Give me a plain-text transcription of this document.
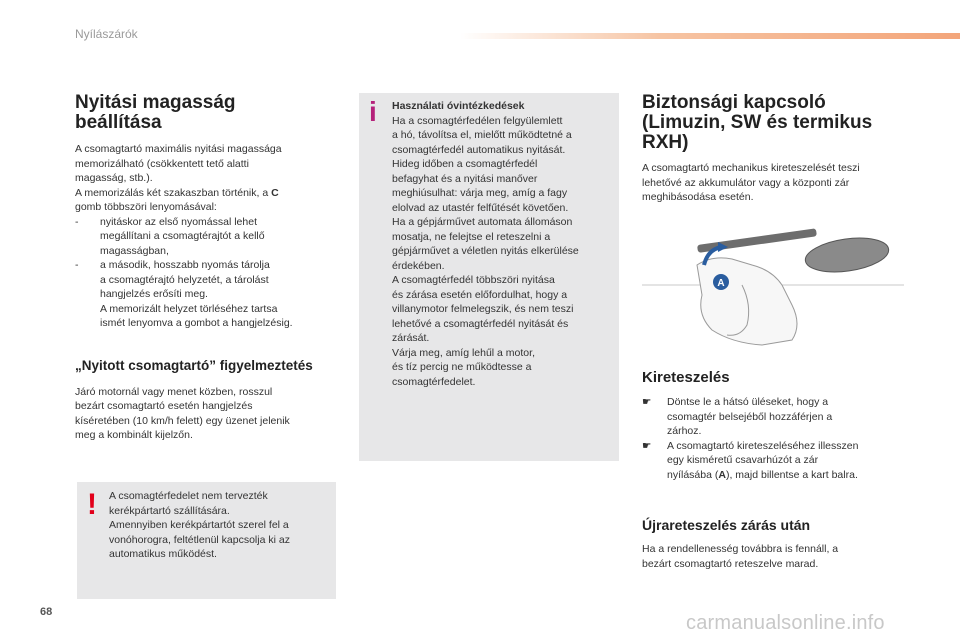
Nyílászárók
Nyitási magasság
beállítása
A csomagtartó maximális nyitási magassága
memorizálható (csökkentett tető alatti
magasság, stb.).
A memorizálás két szakaszban történik, a C
gomb többszöri lenyomásával:
-	nyitáskor az első nyomással lehet
megállítani a csomagtérajtót a kellő
magasságban,
-	a második, hosszabb nyomás tárolja
a csomagtérajtó helyzetét, a tárolást
hangjelzés erősíti meg.
A memorizált helyzet törléséhez tartsa
ismét lenyomva a gombot a hangjelzésig.
„Nyitott csomagtartó” figyelmeztetés
Járó motornál vagy menet közben, rosszul
bezárt csomagtartó esetén hangjelzés
kíséretében (10 km/h felett) egy üzenet jelenik
meg a kombinált kijelzőn.
! A csomagtérfedelet nem tervezték
kerékpártartó szállítására.
Amennyiben kerékpártartót szerel fel a
vonóhorogra, feltétlenül kapcsolja ki az
automatikus működést.
i Használati óvintézkedések
Ha a csomagtérfedélen felgyülemlett
a hó, távolítsa el, mielőtt működtetné a
csomagtérfedél automatikus nyitását.
Hideg időben a csomagtérfedél
befagyhat és a nyitási manőver
meghiúsulhat: várja meg, amíg a fagy
elolvad az utastér felfűtését követően.
Ha a gépjárművet automata állomáson
mosatja, ne felejtse el reteszelni a
gépjárművet a véletlen nyitás elkerülése
érdekében.
A csomagtérfedél többszöri nyitása
és zárása esetén előfordulhat, hogy a
villanymotor felmelegszik, és nem teszi
lehetővé a csomagtérfedél nyitását és
zárását.
Várja meg, amíg lehűl a motor,
és tíz percig ne működtesse a
csomagtérfedelet.
Biztonsági kapcsoló
(Limuzin, SW és termikus
RXH)
A csomagtartó mechanikus kireteszelését teszi
lehetővé az akkumulátor vagy a központi zár
meghibásodása esetén.
A
Kireteszelés
☛	Döntse le a hátsó üléseket, hogy a
csomagtér belsejéből hozzáférjen a
zárhoz.
☛	A csomagtartó kireteszeléséhez illesszen
egy kisméretű csavarhúzót a zár
nyílásába (A), majd billentse a kart balra.
Újrareteszelés zárás után
Ha a rendellenesség továbbra is fennáll, a
bezárt csomagtartó reteszelve marad.
68	carmanualsonline.info
